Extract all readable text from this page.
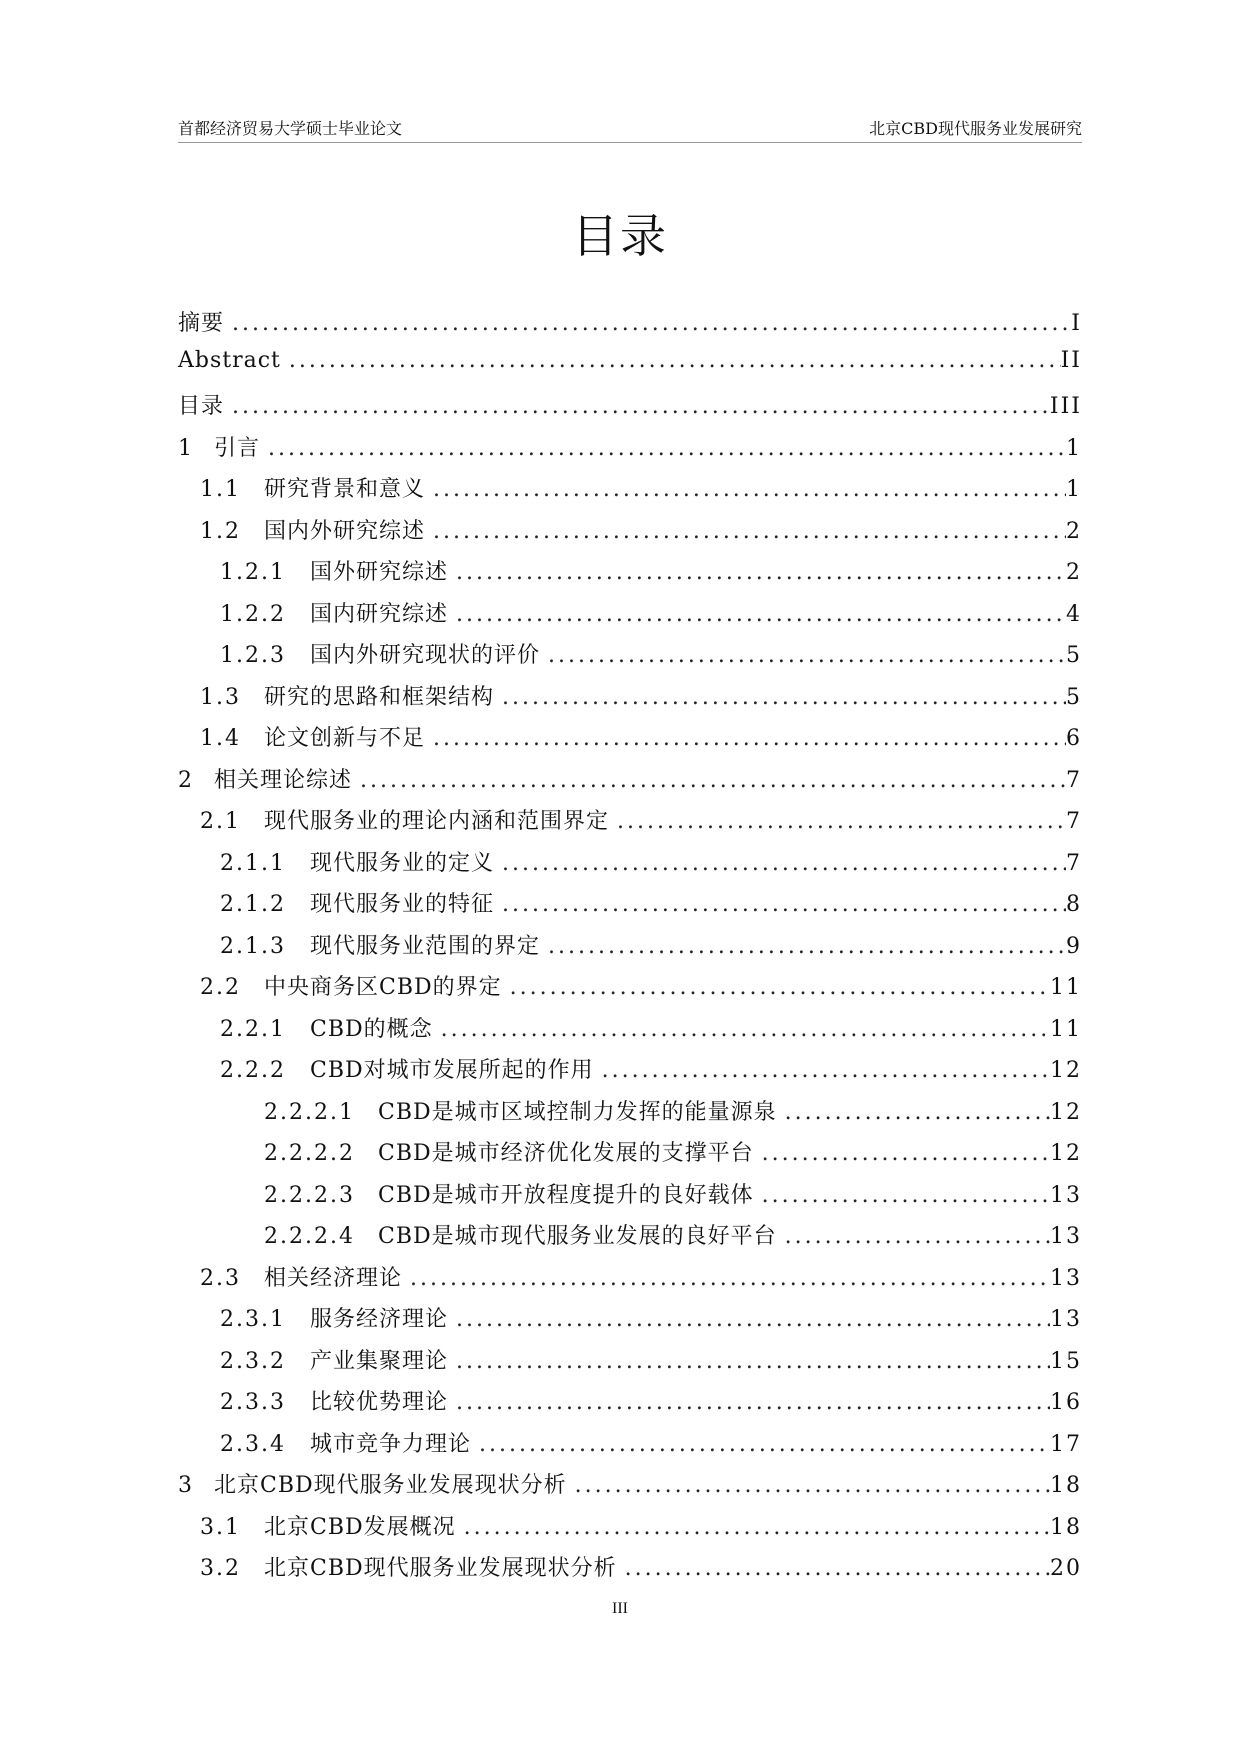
首都经济贸易大学硕士毕业论文	北京CBD现代服务业发展研究
目录
摘要 .....	I
Abstract .....	II
目录 .....	III
1 引言 .....	1
1.1	研究背景和意义 .....	1
1.2	国内外研究综述 .....	2
1.2.1	国外研究综述 .....	2
1.2.2	国内研究综述 .....	4
1.2.3	国内外研究现状的评价 .....	5
1.3	研究的思路和框架结构 .....	5
1.4	论文创新与不足 .....	6
2 相关理论综述 .....	7
2.1	现代服务业的理论内涵和范围界定 .....	7
2.1.1	现代服务业的定义 .....	7
2.1.2	现代服务业的特征 .....	8
2.1.3	现代服务业范围的界定 .....	9
2.2	中央商务区CBD的界定 .....	11
2.2.1	CBD的概念 .....	11
2.2.2	CBD对城市发展所起的作用 .....	12
2.2.2.1	CBD是城市区域控制力发挥的能量源泉 .....	12
2.2.2.2	CBD是城市经济优化发展的支撑平台 .....	12
2.2.2.3	CBD是城市开放程度提升的良好载体 .....	13
2.2.2.4	CBD是城市现代服务业发展的良好平台 .....	13
2.3	相关经济理论 .....	13
2.3.1	服务经济理论 .....	13
2.3.2	产业集聚理论 .....	15
2.3.3	比较优势理论 .....	16
2.3.4	城市竞争力理论 .....	17
3 北京CBD现代服务业发展现状分析 .....	18
3.1	北京CBD发展概况 .....	18
3.2	北京CBD现代服务业发展现状分析 .....	20
III
